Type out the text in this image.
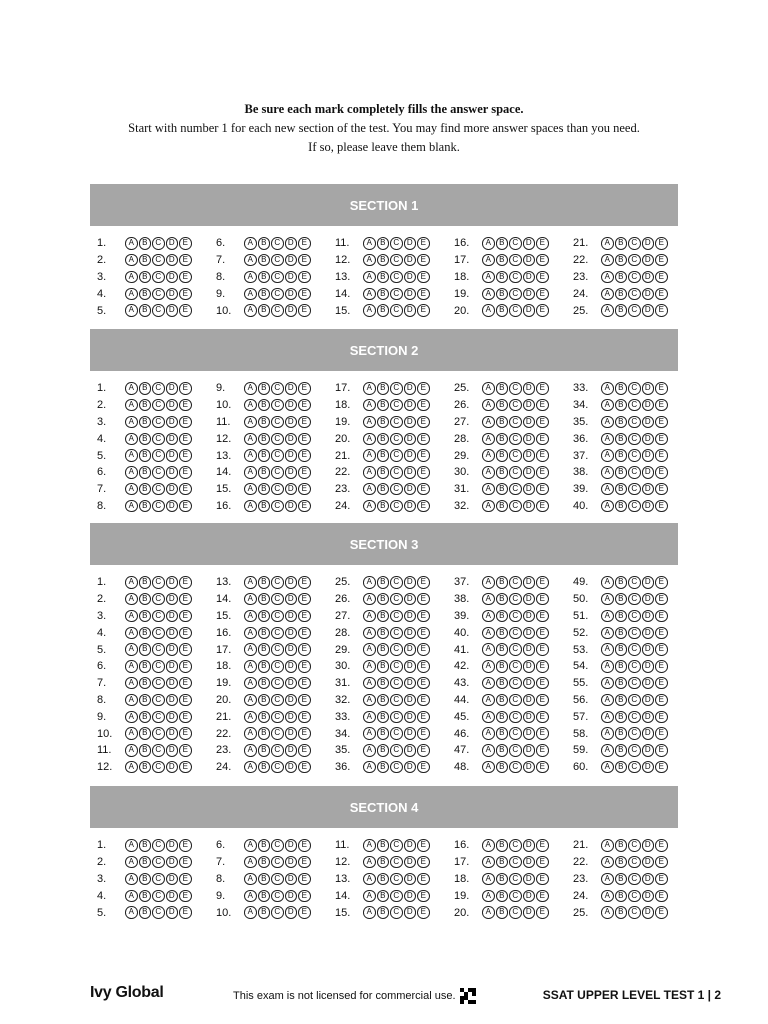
Be sure each mark completely fills the answer space.
Start with number 1 for each new section of the test. You may find more answer spaces than you need.
If so, please leave them blank.
SECTION 1
1.	A	B C D E
2.	A	B C D E
3.	A	B C D E
4.	A	B C D E
5.	A	B C D E
6.	A	B C D E
7.	A	B C D E
8.	A	B C D E
9.	A	B C D E
10.	A	B C D E
11.	A	B C D E
12.	A	B C D E
13.	A	B C D E
14.	A	B C D E
15.	A	B C D E
16.	A	B C D E
17.	A	B C D E
18.	A	B C D E
19.	A	B C D E
20.	A	B C D E
21.	A	B C D E
22.	A	B C D E
23.	A	B C D E
24.	A	B C D E
25.	A	B C D E
SECTION 2
1.	A	B C D E
2.	A	B C D E
3.	A	B C D E
4.	A	B C D E
5.	A	B C D E
6.	A	B C D E
7.	A	B C D E
8.	A	B C D E
9.	A	B C D E
10.	A	B C D E
11.	A	B C D E
12.	A	B C D E
13.	A	B C D E
14.	A	B C D E
15.	A	B C D E
16.	A	B C D E
17.	A	B C D E
18.	A	B C D E
19.	A	B C D E
20.	A	B C D E
21.	A	B C D E
22.	A	B C D E
23.	A	B C D E
24.	A	B C D E
25.	A	B C D E
26.	A	B C D E
27.	A	B C D E
28.	A	B C D E
29.	A	B C D E
30.	A	B C D E
31.	A	B C D E
32.	A	B C D E
33.	A	B C D E
34.	A	B C D E
35.	A	B C D E
36.	A	B C D E
37.	A	B C D E
38.	A	B C D E
39.	A	B C D E
40.	A	B C D E
SECTION 3
1.	A	B C D E
2.	A	B C D E
3.	A	B C D E
4.	A	B C D E
5.	A	B C D E
6.	A	B C D E
7.	A	B C D E
8.	A	B C D E
9.	A	B C D E
10.	A	B C D E
11.	A	B C D E
12.	A	B C D E
13.	A	B C D E
14.	A	B C D E
15.	A	B C D E
16.	A	B C D E
17.	A	B C D E
18.	A	B C D E
19.	A	B C D E
20.	A	B C D E
21.	A	B C D E
22.	A	B C D E
23.	A	B C D E
24.	A	B C D E
25.	A	B C D E
26.	A	B C D E
27.	A	B C D E
28.	A	B C D E
29.	A	B C D E
30.	A	B C D E
31.	A	B C D E
32.	A	B C D E
33.	A	B C D E
34.	A	B C D E
35.	A	B C D E
36.	A	B C D E
37.	A	B C D E
38.	A	B C D E
39.	A	B C D E
40.	A	B C D E
41.	A	B C D E
42.	A	B C D E
43.	A	B C D E
44.	A	B C D E
45.	A	B C D E
46.	A	B C D E
47.	A	B C D E
48.	A	B C D E
49.	A	B C D E
50.	A	B C D E
51.	A	B C D E
52.	A	B C D E
53.	A	B C D E
54.	A	B C D E
55.	A	B C D E
56.	A	B C D E
57.	A	B C D E
58.	A	B C D E
59.	A	B C D E
60.	A	B C D E
SECTION 4
1.	A	B C D E
2.	A	B C D E
3.	A	B C D E
4.	A	B C D E
5.	A	B C D E
6.	A	B C D E
7.	A	B C D E
8.	A	B C D E
9.	A	B C D E
10.	A	B C D E
11.	A	B C D E
12.	A	B C D E
13.	A	B C D E
14.	A	B C D E
15.	A	B C D E
16.	A	B C D E
17.	A	B C D E
18.	A	B C D E
19.	A	B C D E
20.	A	B C D E
21.	A	B C D E
22.	A	B C D E
23.	A	B C D E
24.	A	B C D E
25.	A	B C D E
Ivy Global	This exam is not licensed for commercial use.	SSAT UPPER LEVEL TEST 1 | 2
